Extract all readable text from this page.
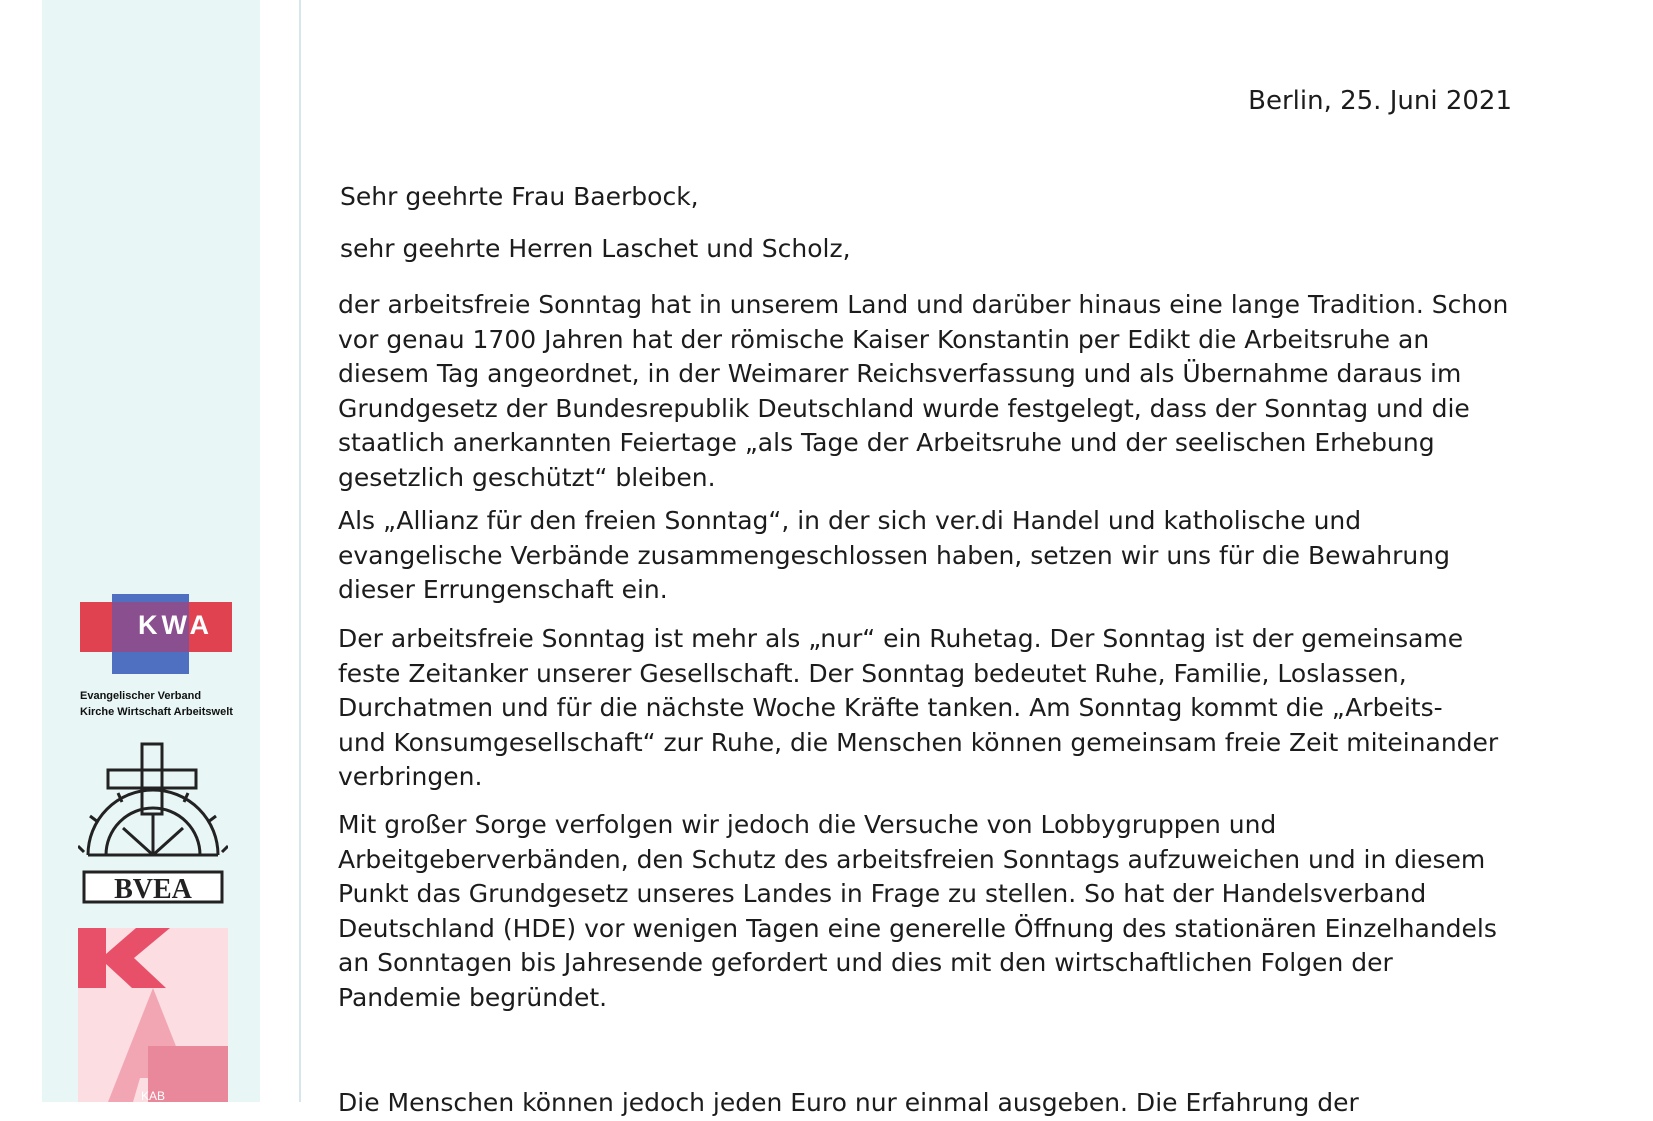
KWA
Evangelischer Verband
Kirche Wirtschaft Arbeitswelt
BVEA
KAB
Berlin, 25. Juni 2021
Sehr geehrte Frau Baerbock,
sehr geehrte Herren Laschet und Scholz,
der arbeitsfreie Sonntag hat in unserem Land und darüber hinaus eine lange Tradition. Schon
vor genau 1700 Jahren hat der römische Kaiser Konstantin per Edikt die Arbeitsruhe an
diesem Tag angeordnet, in der Weimarer Reichsverfassung und als Übernahme daraus im
Grundgesetz der Bundesrepublik Deutschland wurde festgelegt, dass der Sonntag und die
staatlich anerkannten Feiertage „als Tage der Arbeitsruhe und der seelischen Erhebung
gesetzlich geschützt“ bleiben.
Als „Allianz für den freien Sonntag“, in der sich ver.di Handel und katholische und
evangelische Verbände zusammengeschlossen haben, setzen wir uns für die Bewahrung
dieser Errungenschaft ein.
Der arbeitsfreie Sonntag ist mehr als „nur“ ein Ruhetag. Der Sonntag ist der gemeinsame
feste Zeitanker unserer Gesellschaft. Der Sonntag bedeutet Ruhe, Familie, Loslassen,
Durchatmen und für die nächste Woche Kräfte tanken. Am Sonntag kommt die „Arbeits-
und Konsumgesellschaft“ zur Ruhe, die Menschen können gemeinsam freie Zeit miteinander
verbringen.
Mit großer Sorge verfolgen wir jedoch die Versuche von Lobbygruppen und
Arbeitgeberverbänden, den Schutz des arbeitsfreien Sonntags aufzuweichen und in diesem
Punkt das Grundgesetz unseres Landes in Frage zu stellen. So hat der Handelsverband
Deutschland (HDE) vor wenigen Tagen eine generelle Öffnung des stationären Einzelhandels
an Sonntagen bis Jahresende gefordert und dies mit den wirtschaftlichen Folgen der
Pandemie begründet.
Die Menschen können jedoch jeden Euro nur einmal ausgeben. Die Erfahrung der
